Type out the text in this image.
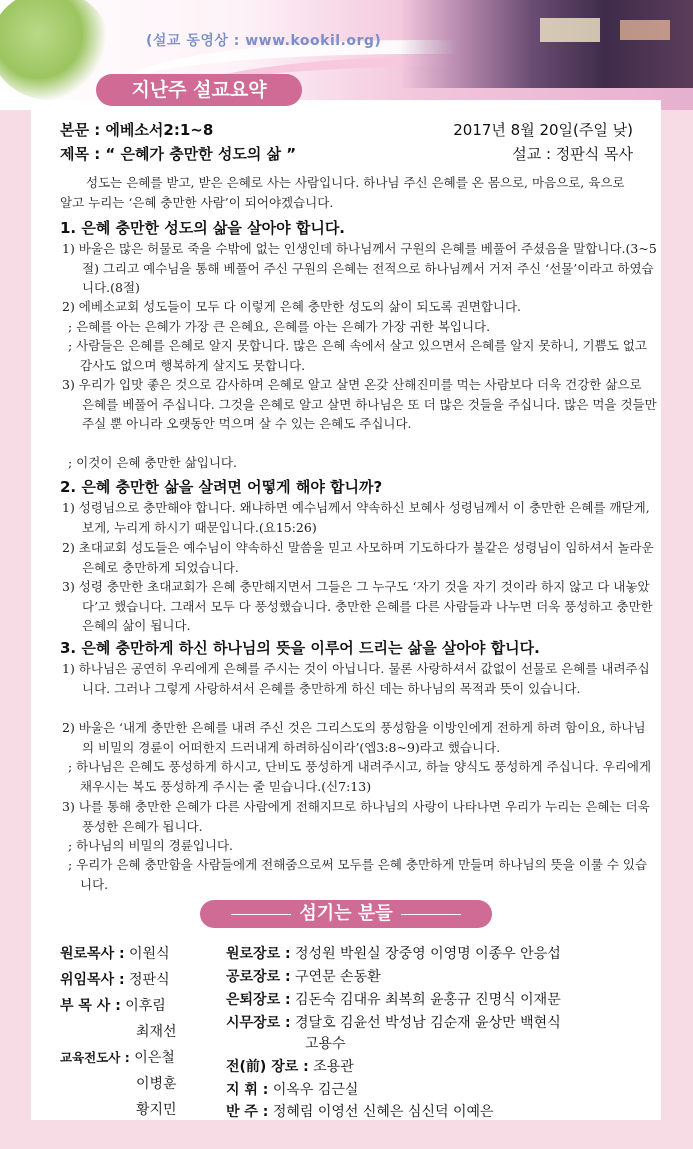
(설교 동영상 : www.kookil.org)
지난주 설교요약
본문 : 에베소서2:1~8	2017년 8월 20일(주일 낮)
제목 : “ 은혜가 충만한 성도의 삶 ”	설교 : 정판식 목사
성도는 은혜를 받고, 받은 은혜로 사는 사람입니다. 하나님 주신 은혜를 온 몸으로, 마음으로, 육으로 알고 누리는 ‘은혜 충만한 사람’이 되어야겠습니다.
1. 은혜 충만한 성도의 삶을 살아야 합니다.
1) 바울은 많은 허물로 죽을 수밖에 없는 인생인데 하나님께서 구원의 은혜를 베풀어 주셨음을 말합니다.(3~5절) 그리고 예수님을 통해 베풀어 주신 구원의 은혜는 전적으로 하나님께서 거저 주신 ‘선물’이라고 하였습니다.(8절)
2) 에베소교회 성도들이 모두 다 이렇게 은혜 충만한 성도의 삶이 되도록 권면합니다.
; 은혜를 아는 은혜가 가장 큰 은혜요, 은혜를 아는 은혜가 가장 귀한 복입니다.
; 사람들은 은혜를 은혜로 알지 못합니다. 많은 은혜 속에서 살고 있으면서 은혜를 알지 못하니, 기쁨도 없고 감사도 없으며 행복하게 살지도 못합니다.
3) 우리가 입맛 좋은 것으로 감사하며 은혜로 알고 살면 온갖 산해진미를 먹는 사람보다 더욱 건강한 삶으로 은혜를 베풀어 주십니다. 그것을 은혜로 알고 살면 하나님은 또 더 많은 것들을 주십니다. 많은 먹을 것들만 주실 뿐 아니라 오랫동안 먹으며 살 수 있는 은혜도 주십니다.
; 이것이 은혜 충만한 삶입니다.
2. 은혜 충만한 삶을 살려면 어떻게 해야 합니까?
1) 성령님으로 충만해야 합니다. 왜냐하면 예수님께서 약속하신 보혜사 성령님께서 이 충만한 은혜를 깨닫게, 보게, 누리게 하시기 때문입니다.(요15:26)
2) 초대교회 성도들은 예수님이 약속하신 말씀을 믿고 사모하며 기도하다가 불같은 성령님이 임하셔서 놀라운 은혜로 충만하게 되었습니다.
3) 성령 충만한 초대교회가 은혜 충만해지면서 그들은 그 누구도 ‘자기 것을 자기 것이라 하지 않고 다 내놓았다’고 했습니다. 그래서 모두 다 풍성했습니다. 충만한 은혜를 다른 사람들과 나누면 더욱 풍성하고 충만한 은혜의 삶이 됩니다.
3. 은혜 충만하게 하신 하나님의 뜻을 이루어 드리는 삶을 살아야 합니다.
1) 하나님은 공연히 우리에게 은혜를 주시는 것이 아닙니다. 물론 사랑하셔서 값없이 선물로 은혜를 내려주십니다. 그러나 그렇게 사랑하셔서 은혜를 충만하게 하신 데는 하나님의 목적과 뜻이 있습니다.
2) 바울은 ‘내게 충만한 은혜를 내려 주신 것은 그리스도의 풍성함을 이방인에게 전하게 하려 함이요, 하나님의 비밀의 경륜이 어떠한지 드러내게 하려하심이라’(엡3:8~9)라고 했습니다.
; 하나님은 은혜도 풍성하게 하시고, 단비도 풍성하게 내려주시고, 하늘 양식도 풍성하게 주십니다. 우리에게 채우시는 복도 풍성하게 주시는 줄 믿습니다.(신7:13)
3) 나를 통해 충만한 은혜가 다른 사람에게 전해지므로 하나님의 사랑이 나타나면 우리가 누리는 은혜는 더욱 풍성한 은혜가 됩니다.
; 하나님의 비밀의 경륜입니다.
; 우리가 은혜 충만함을 사람들에게 전해줌으로써 모두를 은혜 충만하게 만들며 하나님의 뜻을 이룰 수 있습니다.
섬기는 분들
원로목사 : 이원식
위임목사 : 정판식
부 목 사 : 이후림
최재선
교육전도사 : 이은철
이병훈
황지민
원로장로 : 정성원 박원실 장중영 이영명 이종우 안응섭
공로장로 : 구연문 손동환
은퇴장로 : 김돈숙 김대유 최복희 윤홍규 진명식 이재문
시무장로 : 경달호 김윤선 박성남 김순재 윤상만 백현식
고용수
전(前) 장로 : 조용관
지 휘 : 이옥우 김근실
반 주 : 정혜림 이영선 신혜은 심신덕 이예은
